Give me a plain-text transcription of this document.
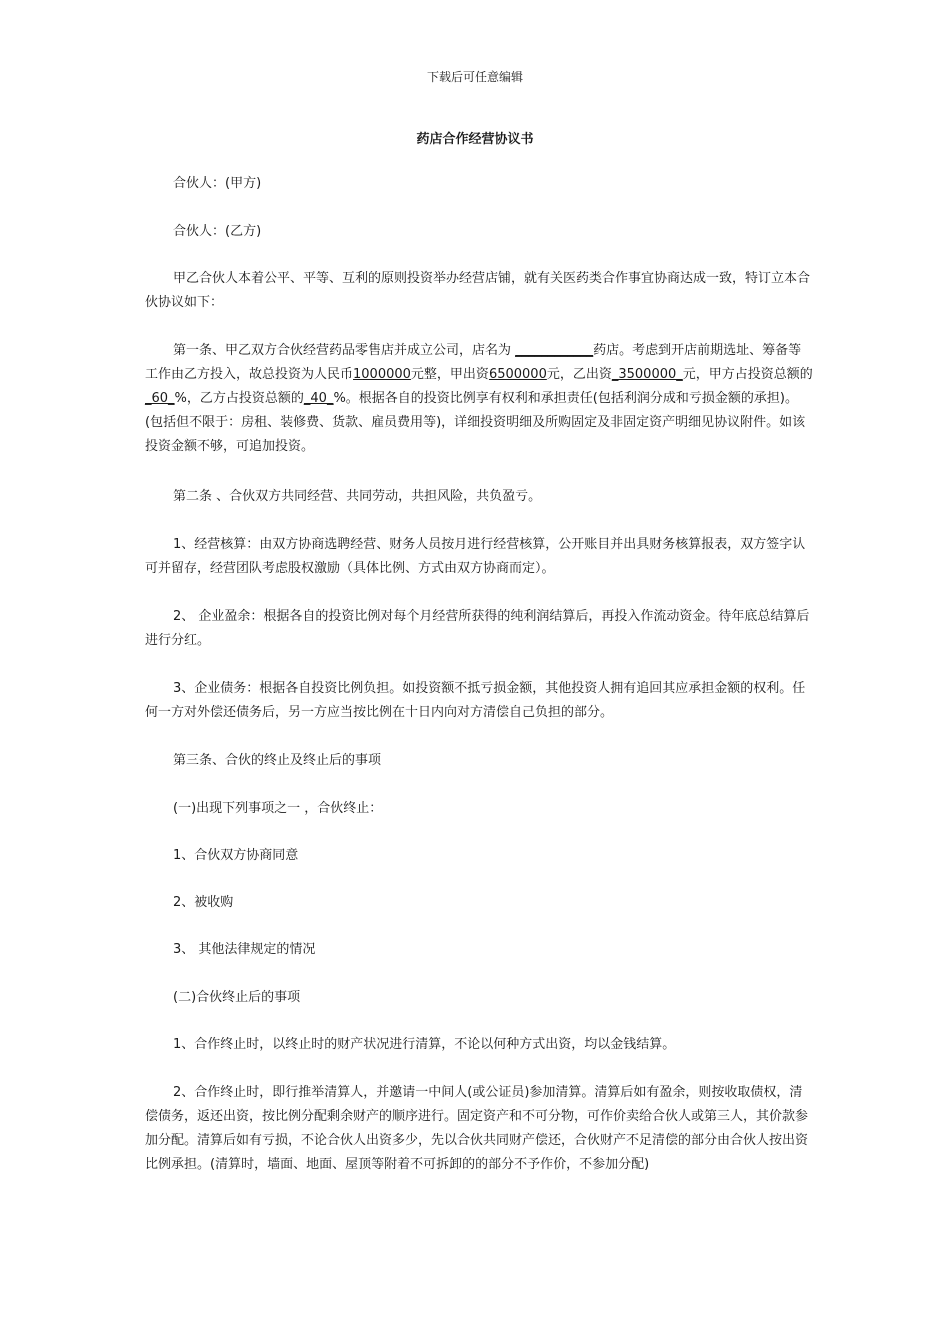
下载后可任意编辑
药店合作经营协议书

合伙人：(甲方)

合伙人：(乙方)

甲乙合伙人本着公平、平等、互利的原则投资举办经营店铺，就有关医药类合作事宜协商达成一致，特订立本合伙协议如下：

第一条、甲乙双方合伙经营药品零售店并成立公司，店名为 ____________药店。考虑到开店前期选址、筹备等工作由乙方投入，故总投资为人民币1000000元整，甲出资6500000元，乙出资_3500000_元，甲方占投资总额的_60_%，乙方占投资总额的_40_%。根据各自的投资比例享有权利和承担责任(包括利润分成和亏损金额的承担)。(包括但不限于：房租、装修费、货款、雇员费用等)，详细投资明细及所购固定及非固定资产明细见协议附件。如该投资金额不够，可追加投资。

第二条 、合伙双方共同经营、共同劳动，共担风险，共负盈亏。

1、经营核算：由双方协商选聘经营、财务人员按月进行经营核算，公开账目并出具财务核算报表，双方签字认可并留存，经营团队考虑股权激励（具体比例、方式由双方协商而定）。

2、 企业盈余：根据各自的投资比例对每个月经营所获得的纯利润结算后，再投入作流动资金。待年底总结算后进行分红。

3、企业债务：根据各自投资比例负担。如投资额不抵亏损金额，其他投资人拥有追回其应承担金额的权利。任何一方对外偿还债务后，另一方应当按比例在十日内向对方清偿自己负担的部分。

第三条、合伙的终止及终止后的事项

(一)出现下列事项之一 ，合伙终止：

1、合伙双方协商同意

2、被收购

3、 其他法律规定的情况

(二)合伙终止后的事项

1、合作终止时，以终止时的财产状况进行清算，不论以何种方式出资，均以金钱结算。

2、合作终止时，即行推举清算人，并邀请一中间人(或公证员)参加清算。清算后如有盈余，则按收取债权，清偿债务，返还出资，按比例分配剩余财产的顺序进行。固定资产和不可分物，可作价卖给合伙人或第三人，其价款参加分配。清算后如有亏损，不论合伙人出资多少，先以合伙共同财产偿还，合伙财产不足清偿的部分由合伙人按出资比例承担。(清算时，墙面、地面、屋顶等附着不可拆卸的的部分不予作价，不参加分配)
